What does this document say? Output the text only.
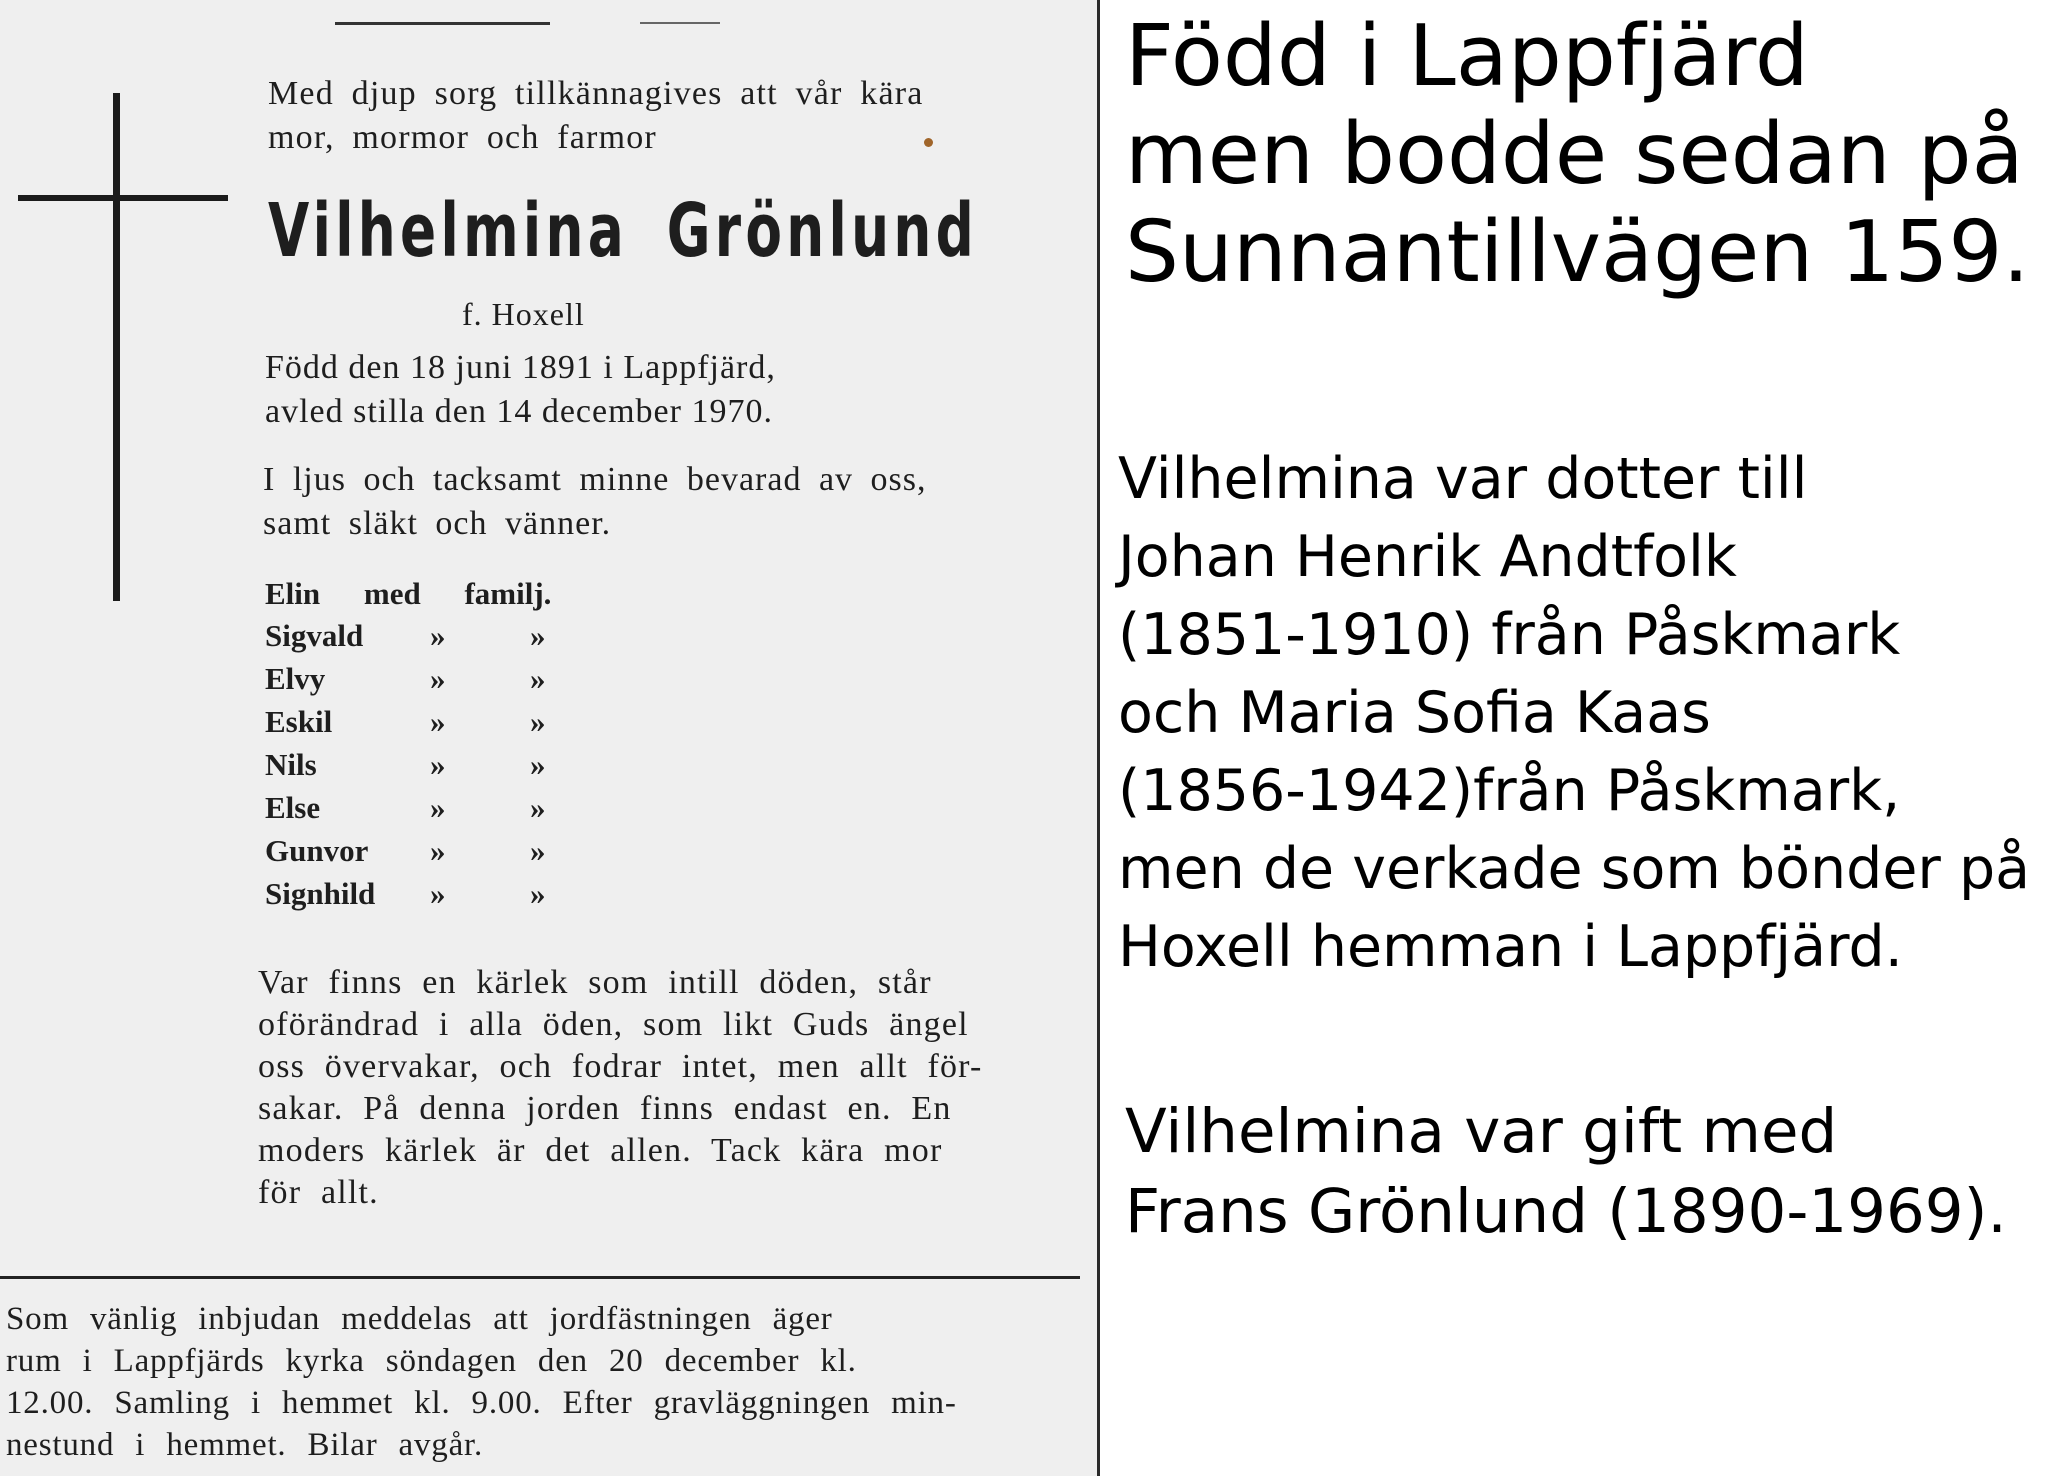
Med djup sorg tillkännagives att vår kära
mor, mormor och farmor
Vilhelmina Grönlund
f. Hoxell
Född den 18 juni 1891 i Lappfjärd,
avled stilla den 14 december 1970.
I ljus och tacksamt minne bevarad av oss,
samt släkt och vänner.
Elin med familj.
Sigvald »	»
Elvy	»	»
Eskil	»	»
Nils	»	»
Else	»	»
Gunvor »	»
Signhild »	»
Var finns en kärlek som intill döden, står
oförändrad i alla öden, som likt Guds ängel
oss övervakar, och fodrar intet, men allt för-
sakar. På denna jorden finns endast en. En
moders kärlek är det allen. Tack kära mor
för allt.
Som vänlig inbjudan meddelas att jordfästningen äger
rum i Lappfjärds kyrka söndagen den 20 december kl.
12.00. Samling i hemmet kl. 9.00. Efter gravläggningen min-
nestund i hemmet. Bilar avgår.
Född i Lappfjärd
men bodde sedan på
Sunnantillvägen 159.
Vilhelmina var dotter till
Johan Henrik Andtfolk
(1851-1910) från Påskmark
och Maria Sofia Kaas
(1856-1942)från Påskmark,
men de verkade som bönder på
Hoxell hemman i Lappfjärd.
Vilhelmina var gift med
Frans Grönlund (1890-1969).
